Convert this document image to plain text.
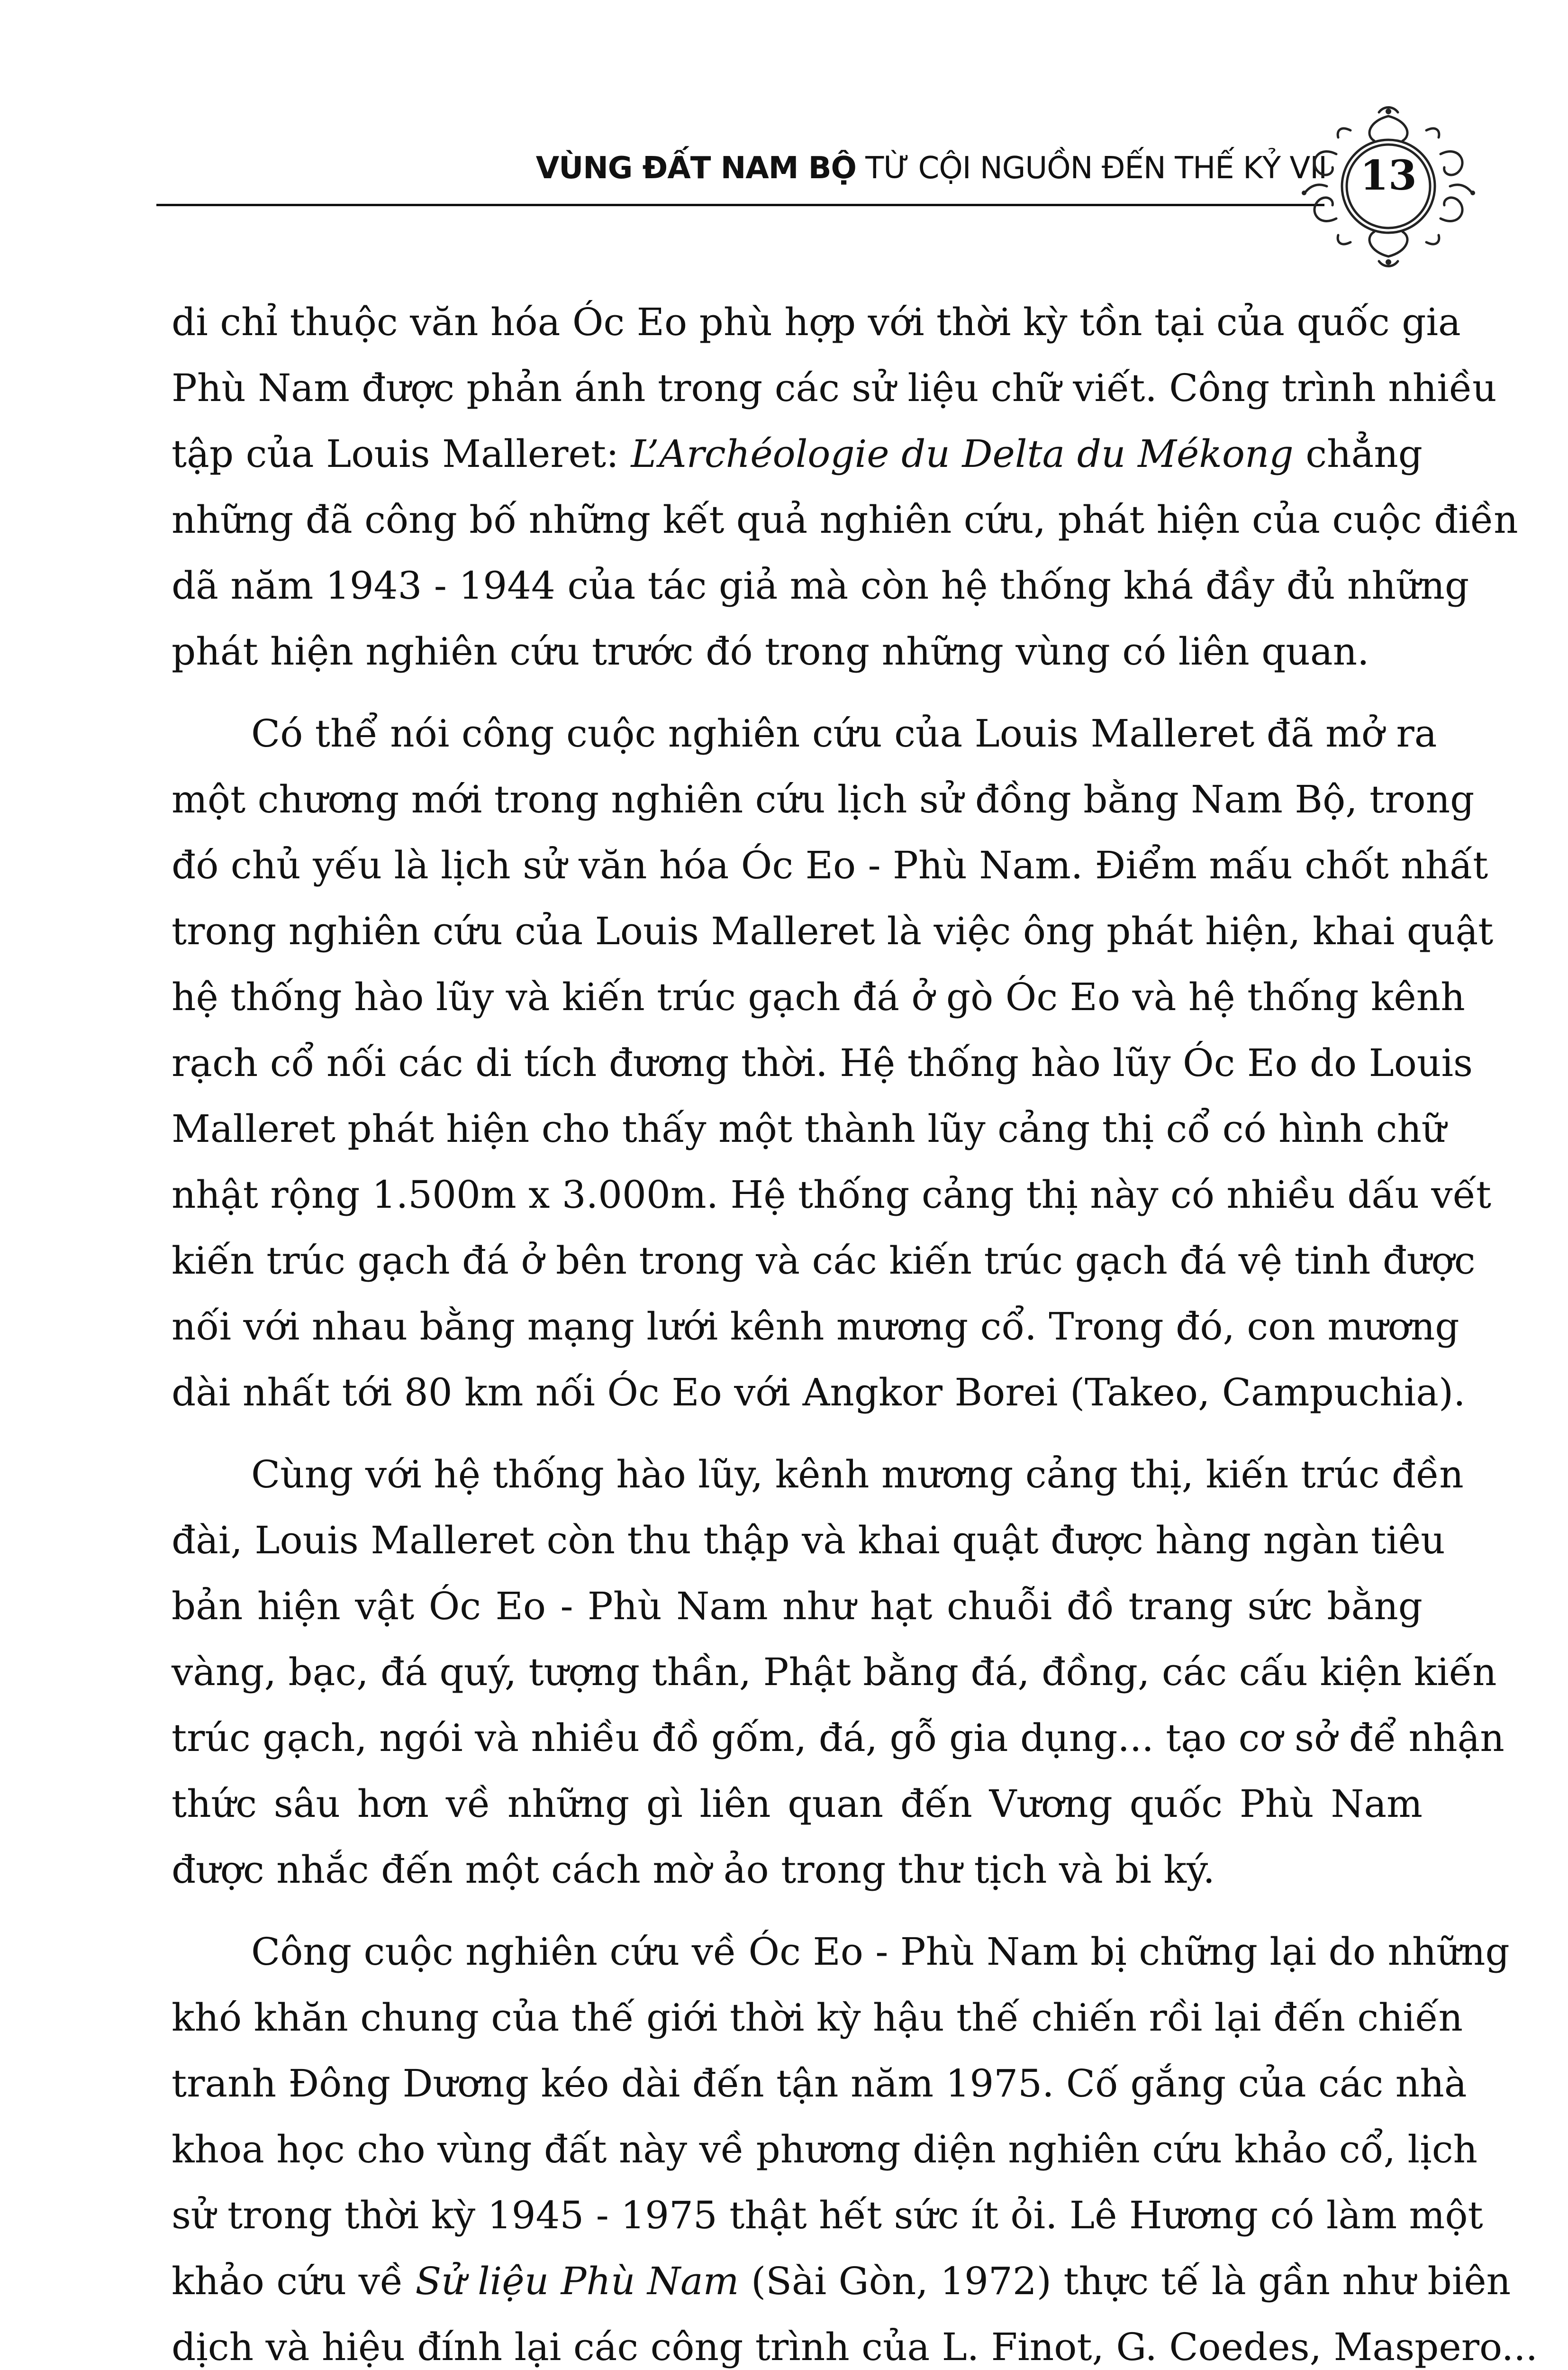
VÙNG ĐẤT NAM BỘ TỪ CỘI NGUỒN ĐẾN THẾ KỶ VII 13
di chỉ thuộc văn hóa Óc Eo phù hợp với thời kỳ tồn tại của quốc gia
Phù Nam được phản ánh trong các sử liệu chữ viết. Công trình nhiều
tập của Louis Malleret: L’Archéologie du Delta du Mékong chẳng
những đã công bố những kết quả nghiên cứu, phát hiện của cuộc điền
dã năm 1943 - 1944 của tác giả mà còn hệ thống khá đầy đủ những
phát hiện nghiên cứu trước đó trong những vùng có liên quan.
Có thể nói công cuộc nghiên cứu của Louis Malleret đã mở ra
một chương mới trong nghiên cứu lịch sử đồng bằng Nam Bộ, trong
đó chủ yếu là lịch sử văn hóa Óc Eo - Phù Nam. Điểm mấu chốt nhất
trong nghiên cứu của Louis Malleret là việc ông phát hiện, khai quật
hệ thống hào lũy và kiến trúc gạch đá ở gò Óc Eo và hệ thống kênh
rạch cổ nối các di tích đương thời. Hệ thống hào lũy Óc Eo do Louis
Malleret phát hiện cho thấy một thành lũy cảng thị cổ có hình chữ
nhật rộng 1.500m x 3.000m. Hệ thống cảng thị này có nhiều dấu vết
kiến trúc gạch đá ở bên trong và các kiến trúc gạch đá vệ tinh được
nối với nhau bằng mạng lưới kênh mương cổ. Trong đó, con mương
dài nhất tới 80 km nối Óc Eo với Angkor Borei (Takeo, Campuchia).
Cùng với hệ thống hào lũy, kênh mương cảng thị, kiến trúc đền
đài, Louis Malleret còn thu thập và khai quật được hàng ngàn tiêu
bản hiện vật Óc Eo - Phù Nam như hạt chuỗi đồ trang sức bằng
vàng, bạc, đá quý, tượng thần, Phật bằng đá, đồng, các cấu kiện kiến
trúc gạch, ngói và nhiều đồ gốm, đá, gỗ gia dụng... tạo cơ sở để nhận
thức sâu hơn về những gì liên quan đến Vương quốc Phù Nam
được nhắc đến một cách mờ ảo trong thư tịch và bi ký.
Công cuộc nghiên cứu về Óc Eo - Phù Nam bị chững lại do những
khó khăn chung của thế giới thời kỳ hậu thế chiến rồi lại đến chiến
tranh Đông Dương kéo dài đến tận năm 1975. Cố gắng của các nhà
khoa học cho vùng đất này về phương diện nghiên cứu khảo cổ, lịch
sử trong thời kỳ 1945 - 1975 thật hết sức ít ỏi. Lê Hương có làm một
khảo cứu về Sử liệu Phù Nam (Sài Gòn, 1972) thực tế là gần như biên
dịch và hiệu đính lại các công trình của L. Finot, G. Coedes, Maspero...
